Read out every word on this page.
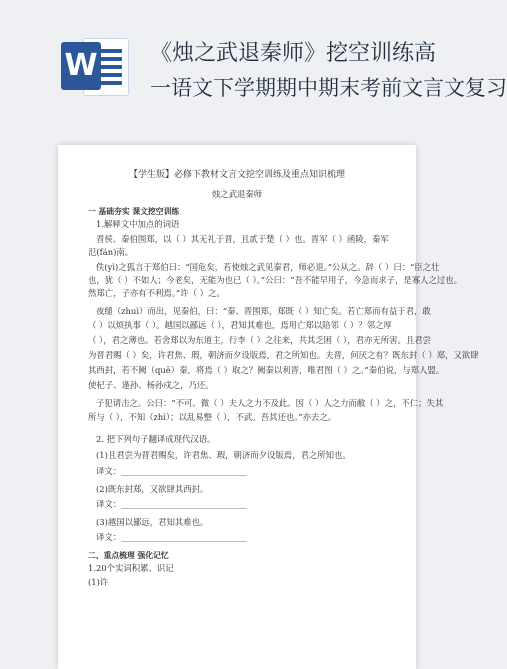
W 《烛之武退秦师》挖空训练高
一语文下学期期中期末考前文言文复习
【学生版】必修下教材文言文挖空训练及重点知识梳理
烛之武退秦师
一 基础夯实 课文挖空训练
1.解释文中加点的词语
晋侯、秦伯围郑，以（ ）其无礼于晋，且贰于楚（ ）也。晋军（ ）函陵，秦军
氾(fán)南。
佚(yì)之狐言于郑伯曰：“国危矣，若使烛之武见秦君，师必退。”公从之。辞（ ）曰：“臣之壮
也，犹（ ）不如人；今老矣，无能为也已（ ）。”公曰：“吾不能早用子，今急而求子，是寡人之过也。
然郑亡，子亦有不利焉。”许（ ）之。
夜缒（zhuì）而出，见秦伯，曰：“秦、晋围郑，郑既（ ）知亡矣。若亡郑而有益于君，敢
（ ）以烦执事（ ）。越国以鄙远（ ），君知其难也，焉用亡郑以陪邻（ ）？邻之厚
（ ），君之薄也。若舍郑以为东道主，行李（ ）之往来，共其乏困（ ），君亦无所害。且君尝
为晋君赐（ ）矣，许君焦、瑕，朝济而夕设版焉，君之所知也。夫晋，何厌之有？既东封（ ）郑，又欲肆
其西封，若不阙（quē）秦，将焉（ ）取之？阙秦以利晋，唯君图（ ）之。”秦伯说，与郑人盟。
使杞子、逢孙、杨孙戍之，乃还。
子犯请击之。公曰：“不可。微（ ）夫人之力不及此。因（ ）人之力而敝（ ）之，不仁；失其
所与（ ），不知（zhì）；以乱易整（ ），不武。吾其还也。”亦去之。
2. 把下列句子翻译成现代汉语。
(1)且君尝为晋君赐矣，许君焦、瑕，朝济而夕设版焉，君之所知也。
译文：______________________________
(2)既东封郑，又欲肆其西封。
译文：______________________________
(3)越国以鄙远，君知其难也。
译文：______________________________
二、重点梳理 强化记忆
1.20个实词积累、识记
(1)许
